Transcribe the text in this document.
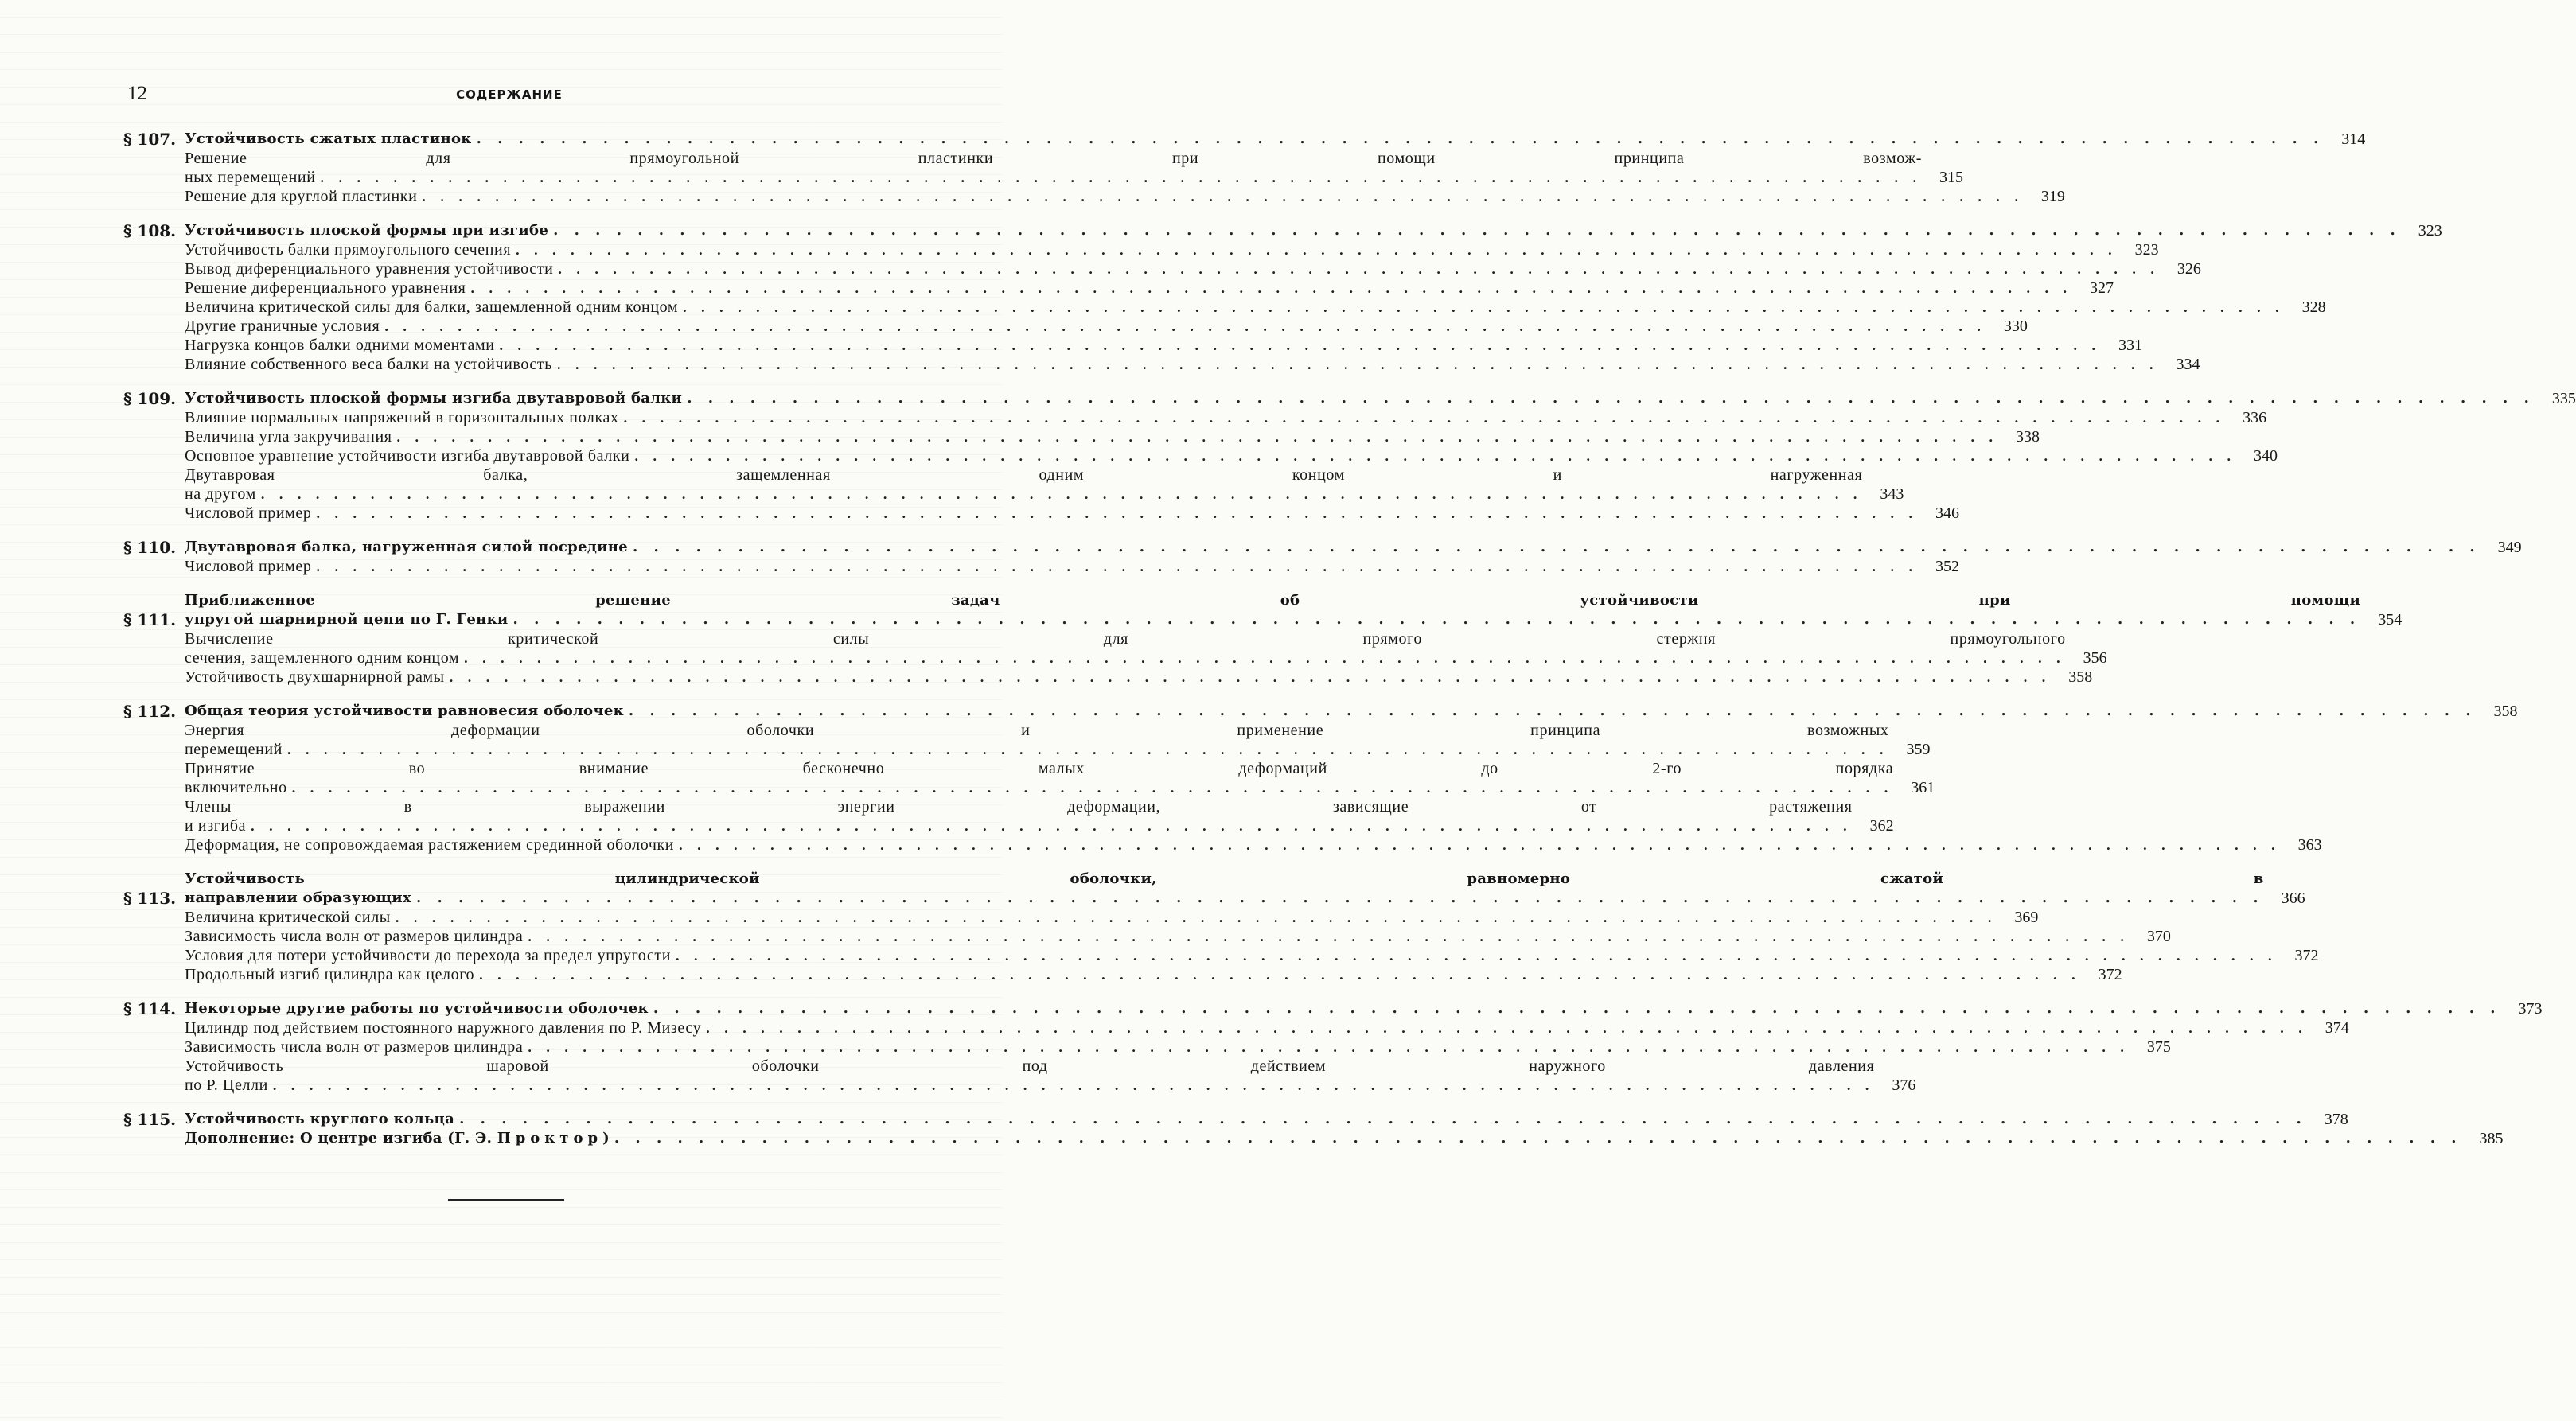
12	СОДЕРЖАНИЕ
§ 107. Устойчивость сжатых пластинок . . .	314
Решение для прямоугольной пластинки при помощи принципа возмож-
ных перемещений . . .	315
Решение для круглой пластинки . . .	319
§ 108. Устойчивость плоской формы при изгибе . . .	323
Устойчивость балки прямоугольного сечения . . .	323
Вывод диференциального уравнения устойчивости . . .	326
Решение диференциального уравнения . . .	327
Величина критической силы для балки, защемленной одним концом . . .	328
Другие граничные условия . . .	330
Нагрузка концов балки одними моментами . . .	331
Влияние собственного веса балки на устойчивость . . .	334
§ 109. Устойчивость плоской формы изгиба двутавровой балки . . .	335
Влияние нормальных напряжений в горизонтальных полках . . .	336
Величина угла закручивания . . .	338
Основное уравнение устойчивости изгиба двутавровой балки . . .	340
Двутавровая балка, защемленная одним концом и нагруженная
на другом . . .	343
Числовой пример . . .	346
§ 110. Двутавровая балка, нагруженная силой посредине . . .	349
Числовой пример . . .	352
§ 111.
Приближенное решение задач об устойчивости при помощи
упругой шарнирной цепи по Г. Генки . . .	354
Вычисление критической силы для прямого стержня прямоугольного
сечения, защемленного одним концом . . .	356
Устойчивость двухшарнирной рамы . . .	358
§ 112. Общая теория устойчивости равновесия оболочек . . .	358
Энергия деформации оболочки и применение принципа возможных
перемещений . . .	359
Принятие во внимание бесконечно малых деформаций до 2-го порядка
включительно . . .	361
Члены в выражении энергии деформации, зависящие от растяжения
и изгиба . . .	362
Деформация, не сопровождаемая растяжением срединной оболочки . . .	363
§ 113.
Устойчивость цилиндрической оболочки, равномерно сжатой в
направлении образующих . . .	366
Величина критической силы . . .	369
Зависимость числа волн от размеров цилиндра . . .	370
Условия для потери устойчивости до перехода за предел упругости . . .	372
Продольный изгиб цилиндра как целого . . .	372
§ 114. Некоторые другие работы по устойчивости оболочек . . .	373
Цилиндр под действием постоянного наружного давления по Р. Мизесу . . .	374
Зависимость числа волн от размеров цилиндра . . .	375
Устойчивость шаровой оболочки под действием наружного давления
по Р. Целли . . .	376
§ 115. Устойчивость круглого кольца . . .	378
Дополнение: О центре изгиба (Г. Э. Проктор) . . .	385
